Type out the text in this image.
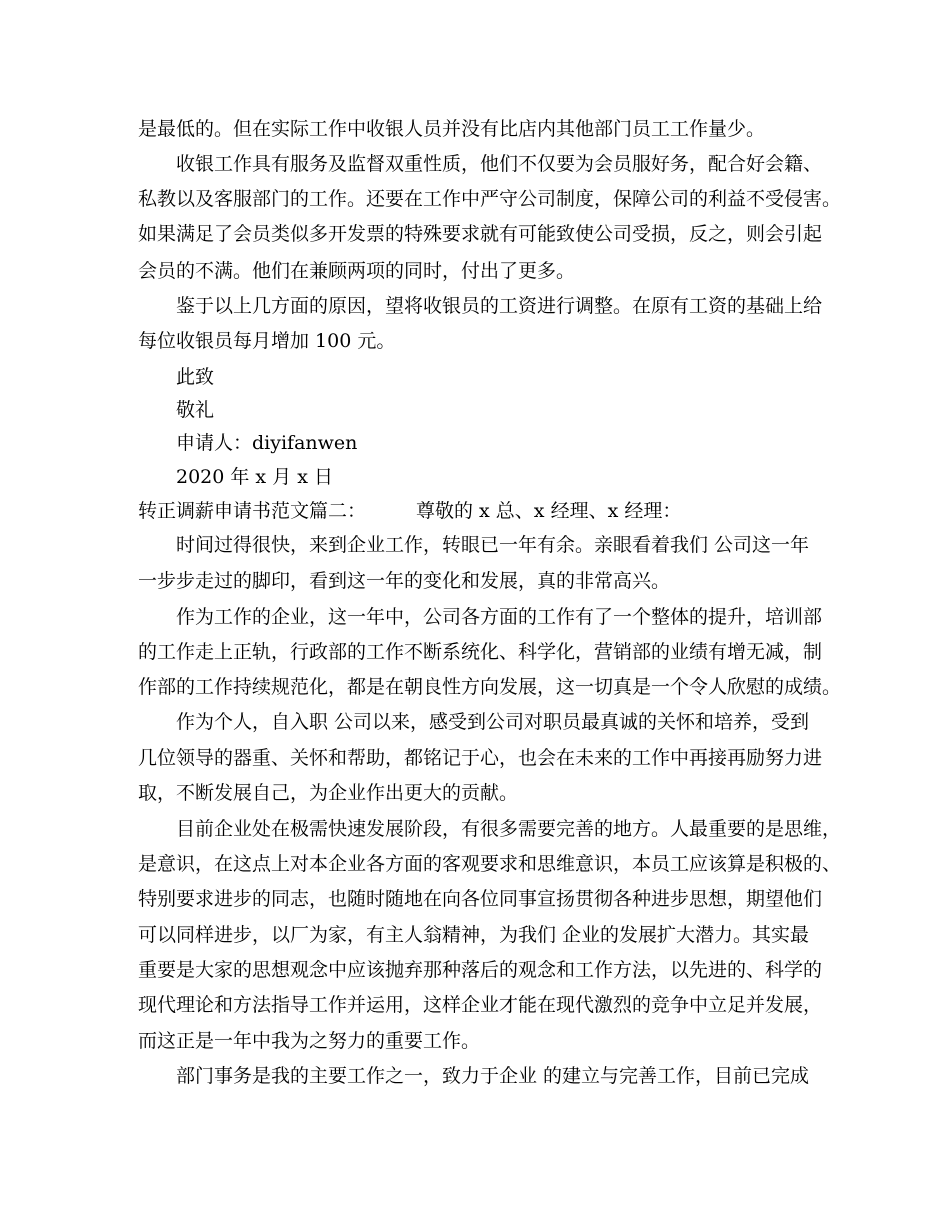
是最低的。但在实际工作中收银人员并没有比店内其他部门员工工作量少。
收银工作具有服务及监督双重性质，他们不仅要为会员服好务，配合好会籍、
私教以及客服部门的工作。还要在工作中严守公司制度，保障公司的利益不受侵害。
如果满足了会员类似多开发票的特殊要求就有可能致使公司受损，反之，则会引起
会员的不满。他们在兼顾两项的同时，付出了更多。
鉴于以上几方面的原因，望将收银员的工资进行调整。在原有工资的基础上给
每位收银员每月增加 100 元。
此致
敬礼
申请人：diyifanwen
2020 年 x 月 x 日
转正调薪申请书范文篇二：	尊敬的 x 总、x 经理、x 经理：
时间过得很快，来到企业工作，转眼已一年有余。亲眼看着我们 公司这一年
一步步走过的脚印，看到这一年的变化和发展，真的非常高兴。
作为工作的企业，这一年中，公司各方面的工作有了一个整体的提升，培训部
的工作走上正轨，行政部的工作不断系统化、科学化，营销部的业绩有增无减，制
作部的工作持续规范化，都是在朝良性方向发展，这一切真是一个令人欣慰的成绩。
作为个人，自入职 公司以来，感受到公司对职员最真诚的关怀和培养，受到
几位领导的器重、关怀和帮助，都铭记于心，也会在未来的工作中再接再励努力进
取，不断发展自己，为企业作出更大的贡献。
目前企业处在极需快速发展阶段，有很多需要完善的地方。人最重要的是思维，
是意识，在这点上对本企业各方面的客观要求和思维意识，本员工应该算是积极的、
特别要求进步的同志，也随时随地在向各位同事宣扬贯彻各种进步思想，期望他们
可以同样进步，以厂为家，有主人翁精神，为我们 企业的发展扩大潜力。其实最
重要是大家的思想观念中应该抛弃那种落后的观念和工作方法，以先进的、科学的
现代理论和方法指导工作并运用，这样企业才能在现代激烈的竞争中立足并发展，
而这正是一年中我为之努力的重要工作。
部门事务是我的主要工作之一，致力于企业 的建立与完善工作，目前已完成
